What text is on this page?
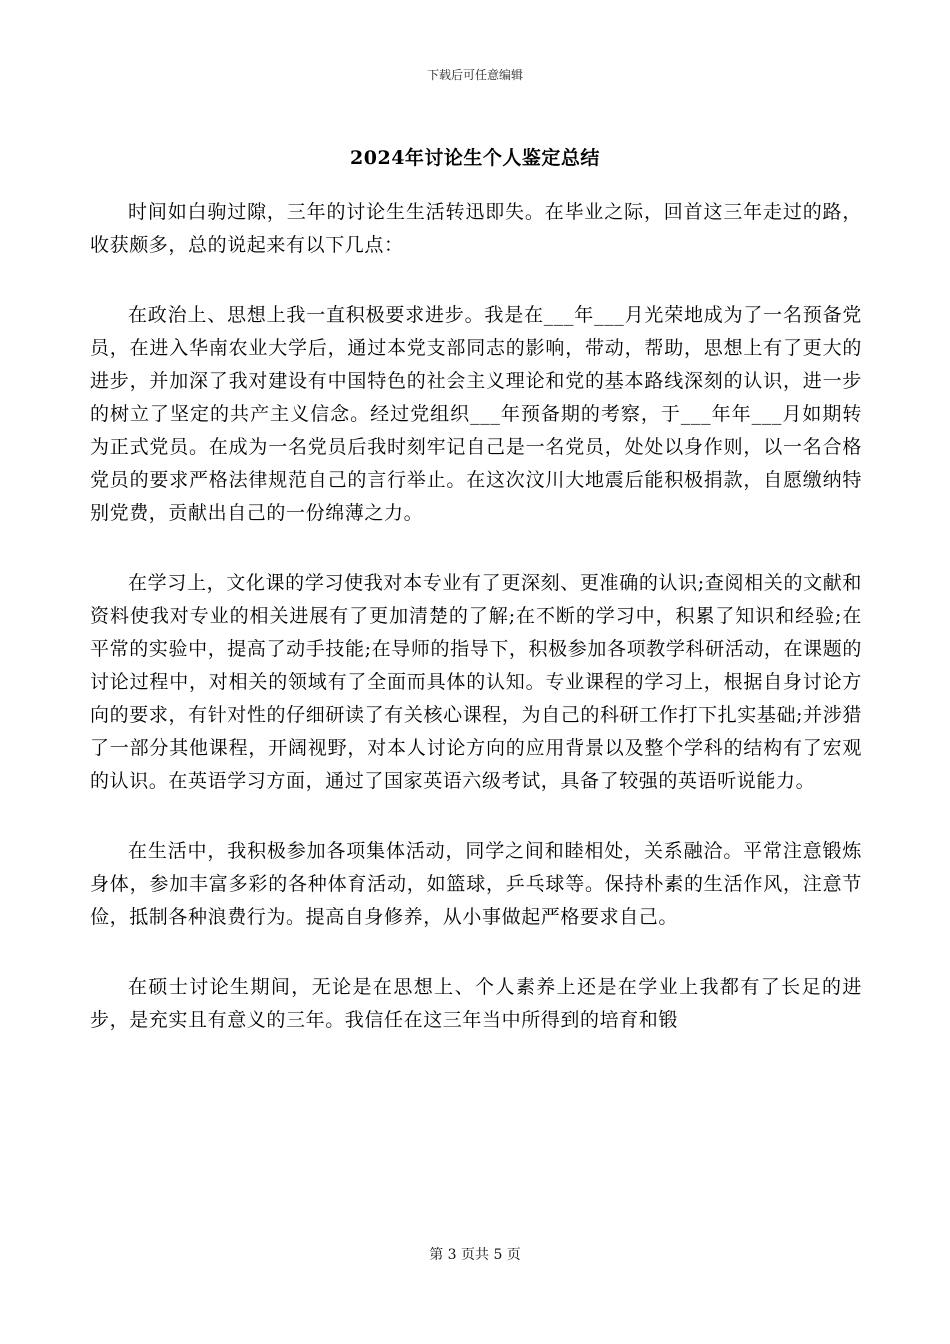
下载后可任意编辑
2024年讨论生个人鉴定总结

时间如白驹过隙，三年的讨论生生活转迅即失。在毕业之际，回首这三年走过的路，收获颇多，总的说起来有以下几点：

在政治上、思想上我一直积极要求进步。我是在___年___月光荣地成为了一名预备党员，在进入华南农业大学后，通过本党支部同志的影响，带动，帮助，思想上有了更大的进步，并加深了我对建设有中国特色的社会主义理论和党的基本路线深刻的认识，进一步的树立了坚定的共产主义信念。经过党组织___年预备期的考察，于___年年___月如期转为正式党员。在成为一名党员后我时刻牢记自己是一名党员，处处以身作则，以一名合格党员的要求严格法律规范自己的言行举止。在这次汶川大地震后能积极捐款，自愿缴纳特别党费，贡献出自己的一份绵薄之力。

在学习上，文化课的学习使我对本专业有了更深刻、更准确的认识;查阅相关的文献和资料使我对专业的相关进展有了更加清楚的了解;在不断的学习中，积累了知识和经验;在平常的实验中，提高了动手技能;在导师的指导下，积极参加各项教学科研活动，在课题的讨论过程中，对相关的领域有了全面而具体的认知。专业课程的学习上，根据自身讨论方向的要求，有针对性的仔细研读了有关核心课程，为自己的科研工作打下扎实基础;并涉猎了一部分其他课程，开阔视野，对本人讨论方向的应用背景以及整个学科的结构有了宏观的认识。在英语学习方面，通过了国家英语六级考试，具备了较强的英语听说能力。

在生活中，我积极参加各项集体活动，同学之间和睦相处，关系融洽。平常注意锻炼身体，参加丰富多彩的各种体育活动，如篮球，乒乓球等。保持朴素的生活作风，注意节俭，抵制各种浪费行为。提高自身修养，从小事做起严格要求自己。

在硕士讨论生期间，无论是在思想上、个人素养上还是在学业上我都有了长足的进步，是充实且有意义的三年。我信任在这三年当中所得到的培育和锻

第 3 页共 5 页
